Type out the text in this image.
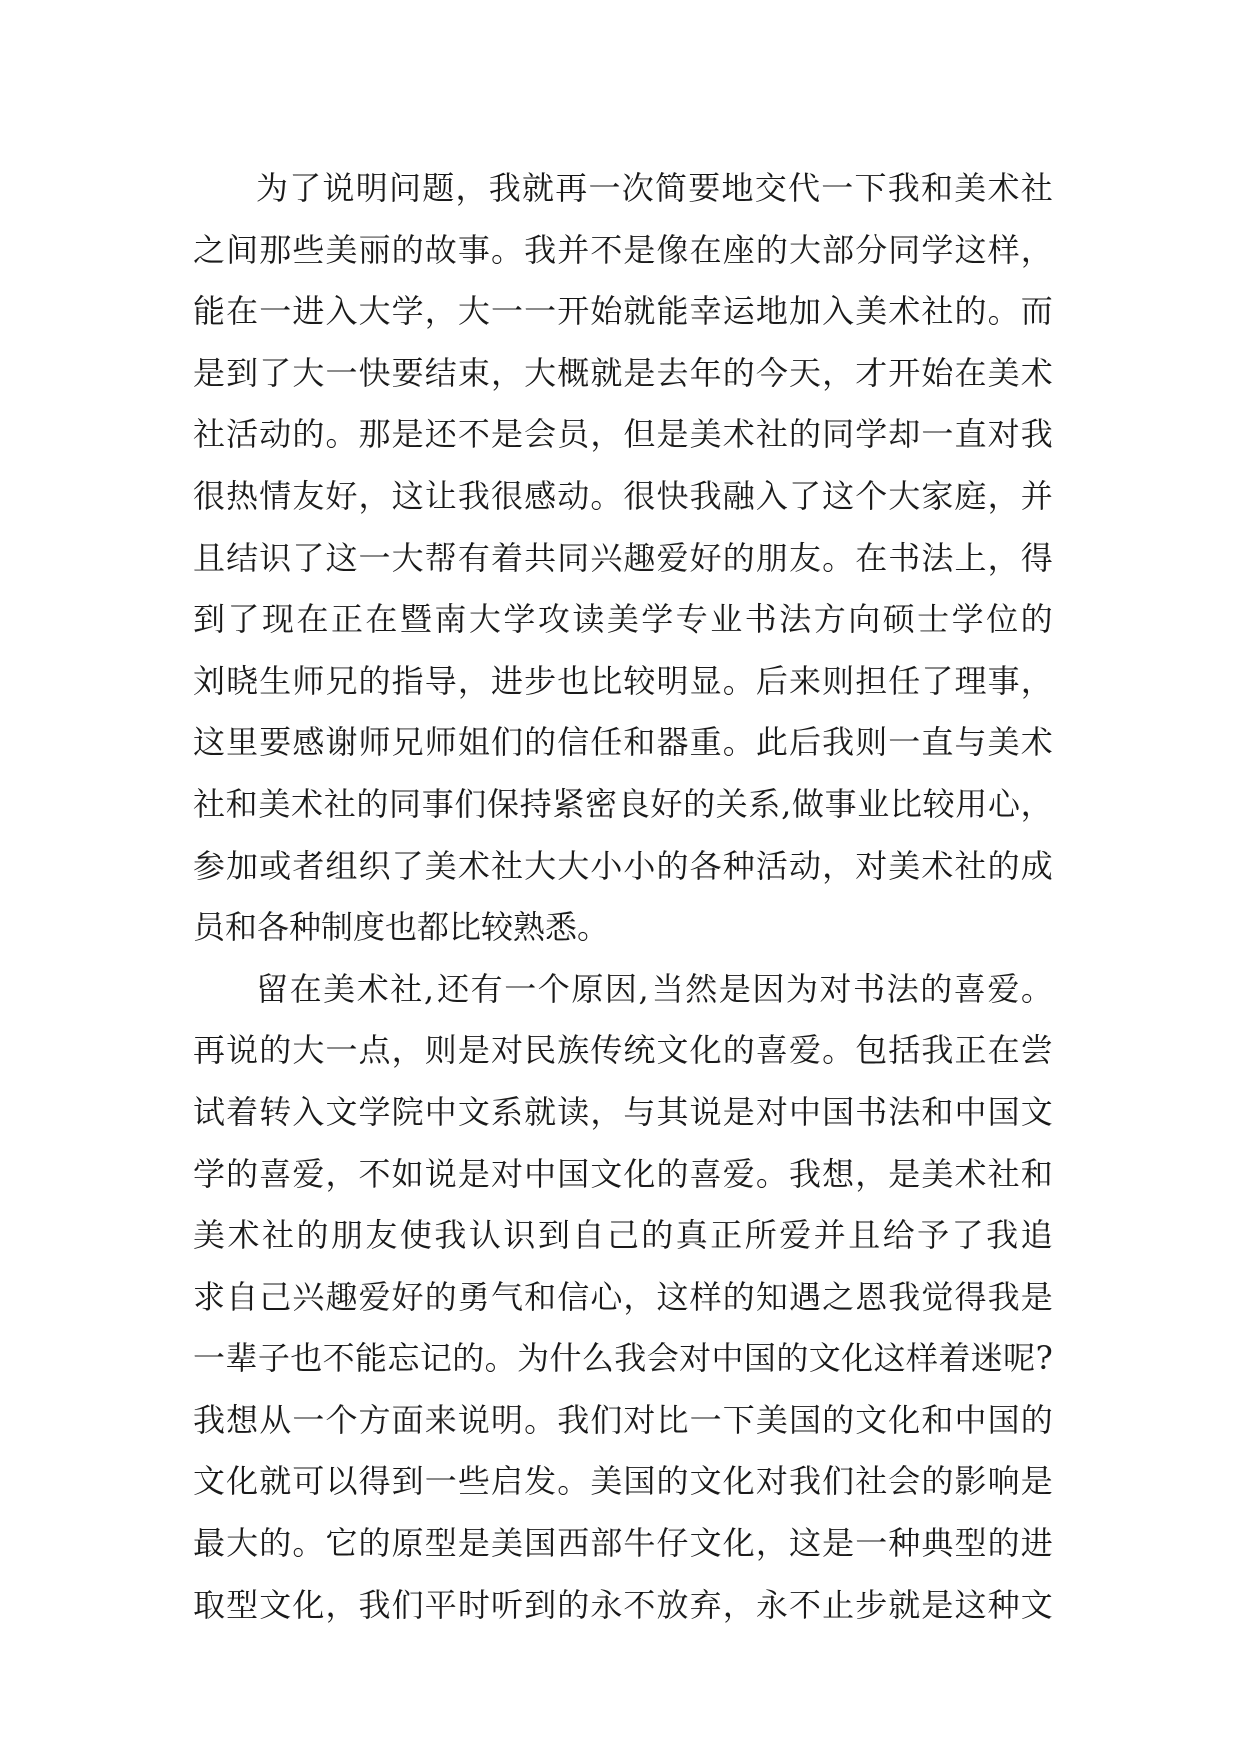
为 了 说 明 问 题 ， 我 就 再 一 次 简 要 地 交 代 一 下 我 和 美 术 社
之 间 那 些 美 丽 的 故 事 。 我 并 不 是 像 在 座 的 大 部 分 同 学 这 样 ，
能 在 一 进 入 大 学 ， 大 一 一 开 始 就 能 幸 运 地 加 入 美 术 社 的 。 而
是 到 了 大 一 快 要 结 束 ， 大 概 就 是 去 年 的 今 天 ， 才 开 始 在 美 术
社 活 动 的 。 那 是 还 不 是 会 员 ， 但 是 美 术 社 的 同 学 却 一 直 对 我
很 热 情 友 好 ， 这 让 我 很 感 动 。 很 快 我 融 入 了 这 个 大 家 庭 ， 并
且 结 识 了 这 一 大 帮 有 着 共 同 兴 趣 爱 好 的 朋 友 。 在 书 法 上 ， 得
到 了 现 在 正 在 暨 南 大 学 攻 读 美 学 专 业 书 法 方 向 硕 士 学 位 的
刘 晓 生 师 兄 的 指 导 ， 进 步 也 比 较 明 显 。 后 来 则 担 任 了 理 事 ，
这 里 要 感 谢 师 兄 师 姐 们 的 信 任 和 器 重 。 此 后 我 则 一 直 与 美 术
社 和 美 术 社 的 同 事 们 保 持 紧 密 良 好 的 关 系 , 做 事 业 比 较 用 心 ，
参 加 或 者 组 织 了 美 术 社 大 大 小 小 的 各 种 活 动 ， 对 美 术 社 的 成
员和各种制度也都比较熟悉。
留 在 美 术 社 , 还 有 一 个 原 因 , 当 然 是 因 为 对 书 法 的 喜 爱 。
再 说 的 大 一 点 ， 则 是 对 民 族 传 统 文 化 的 喜 爱 。 包 括 我 正 在 尝
试 着 转 入 文 学 院 中 文 系 就 读 ， 与 其 说 是 对 中 国 书 法 和 中 国 文
学 的 喜 爱 ， 不 如 说 是 对 中 国 文 化 的 喜 爱 。 我 想 ， 是 美 术 社 和
美 术 社 的 朋 友 使 我 认 识 到 自 己 的 真 正 所 爱 并 且 给 予 了 我 追
求 自 己 兴 趣 爱 好 的 勇 气 和 信 心 ， 这 样 的 知 遇 之 恩 我 觉 得 我 是
一 辈 子 也 不 能 忘 记 的 。 为 什 么 我 会 对 中 国 的 文 化 这 样 着 迷 呢 ?
我 想 从 一 个 方 面 来 说 明 。 我 们 对 比 一 下 美 国 的 文 化 和 中 国 的
文 化 就 可 以 得 到 一 些 启 发 。 美 国 的 文 化 对 我 们 社 会 的 影 响 是
最 大 的 。 它 的 原 型 是 美 国 西 部 牛 仔 文 化 ， 这 是 一 种 典 型 的 进
取 型 文 化 ， 我 们 平 时 听 到 的 永 不 放 弃 ， 永 不 止 步 就 是 这 种 文
